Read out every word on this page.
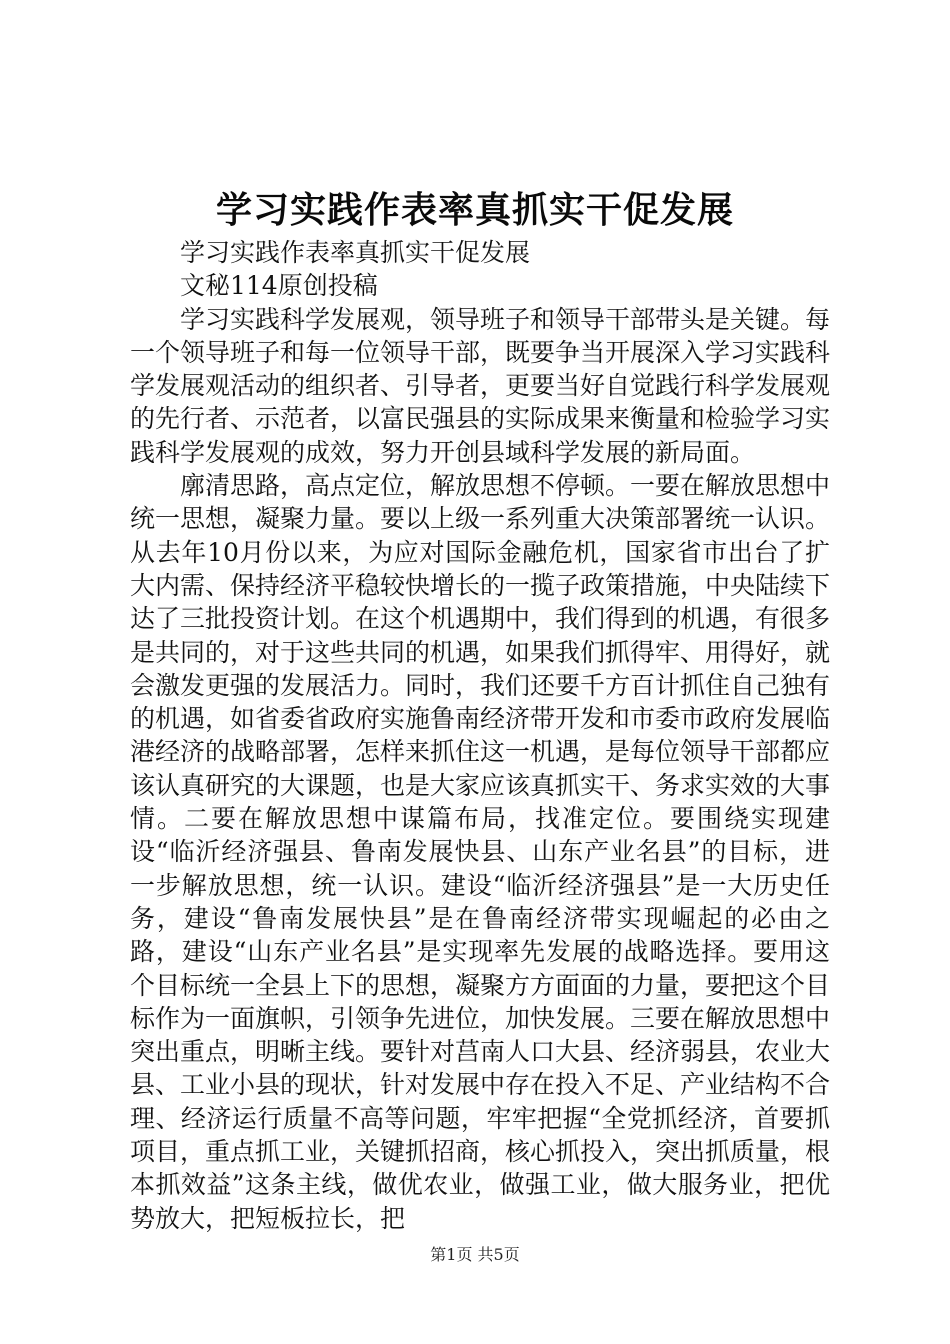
学习实践作表率真抓实干促发展

学习实践作表率真抓实干促发展

文秘114原创投稿

学习实践科学发展观，领导班子和领导干部带头是关键。每一个领导班子和每一位领导干部，既要争当开展深入学习实践科学发展观活动的组织者、引导者，更要当好自觉践行科学发展观的先行者、示范者，以富民强县的实际成果来衡量和检验学习实践科学发展观的成效，努力开创县域科学发展的新局面。

廓清思路，高点定位，解放思想不停顿。一要在解放思想中统一思想，凝聚力量。要以上级一系列重大决策部署统一认识。从去年10月份以来，为应对国际金融危机，国家省市出台了扩大内需、保持经济平稳较快增长的一揽子政策措施，中央陆续下达了三批投资计划。在这个机遇期中，我们得到的机遇，有很多是共同的，对于这些共同的机遇，如果我们抓得牢、用得好，就会激发更强的发展活力。同时，我们还要千方百计抓住自己独有的机遇，如省委省政府实施鲁南经济带开发和市委市政府发展临港经济的战略部署，怎样来抓住这一机遇，是每位领导干部都应该认真研究的大课题，也是大家应该真抓实干、务求实效的大事情。二要在解放思想中谋篇布局，找准定位。要围绕实现建设“临沂经济强县、鲁南发展快县、山东产业名县”的目标，进一步解放思想，统一认识。建设“临沂经济强县”是一大历史任务，建设“鲁南发展快县”是在鲁南经济带实现崛起的必由之路，建设“山东产业名县”是实现率先发展的战略选择。要用这个目标统一全县上下的思想，凝聚方方面面的力量，要把这个目标作为一面旗帜，引领争先进位，加快发展。三要在解放思想中突出重点，明晰主线。要针对莒南人口大县、经济弱县，农业大县、工业小县的现状，针对发展中存在投入不足、产业结构不合理、经济运行质量不高等问题，牢牢把握“全党抓经济，首要抓项目，重点抓工业，关键抓招商，核心抓投入，突出抓质量，根本抓效益”这条主线，做优农业，做强工业，做大服务业，把优势放大，把短板拉长，把

第1页 共5页
